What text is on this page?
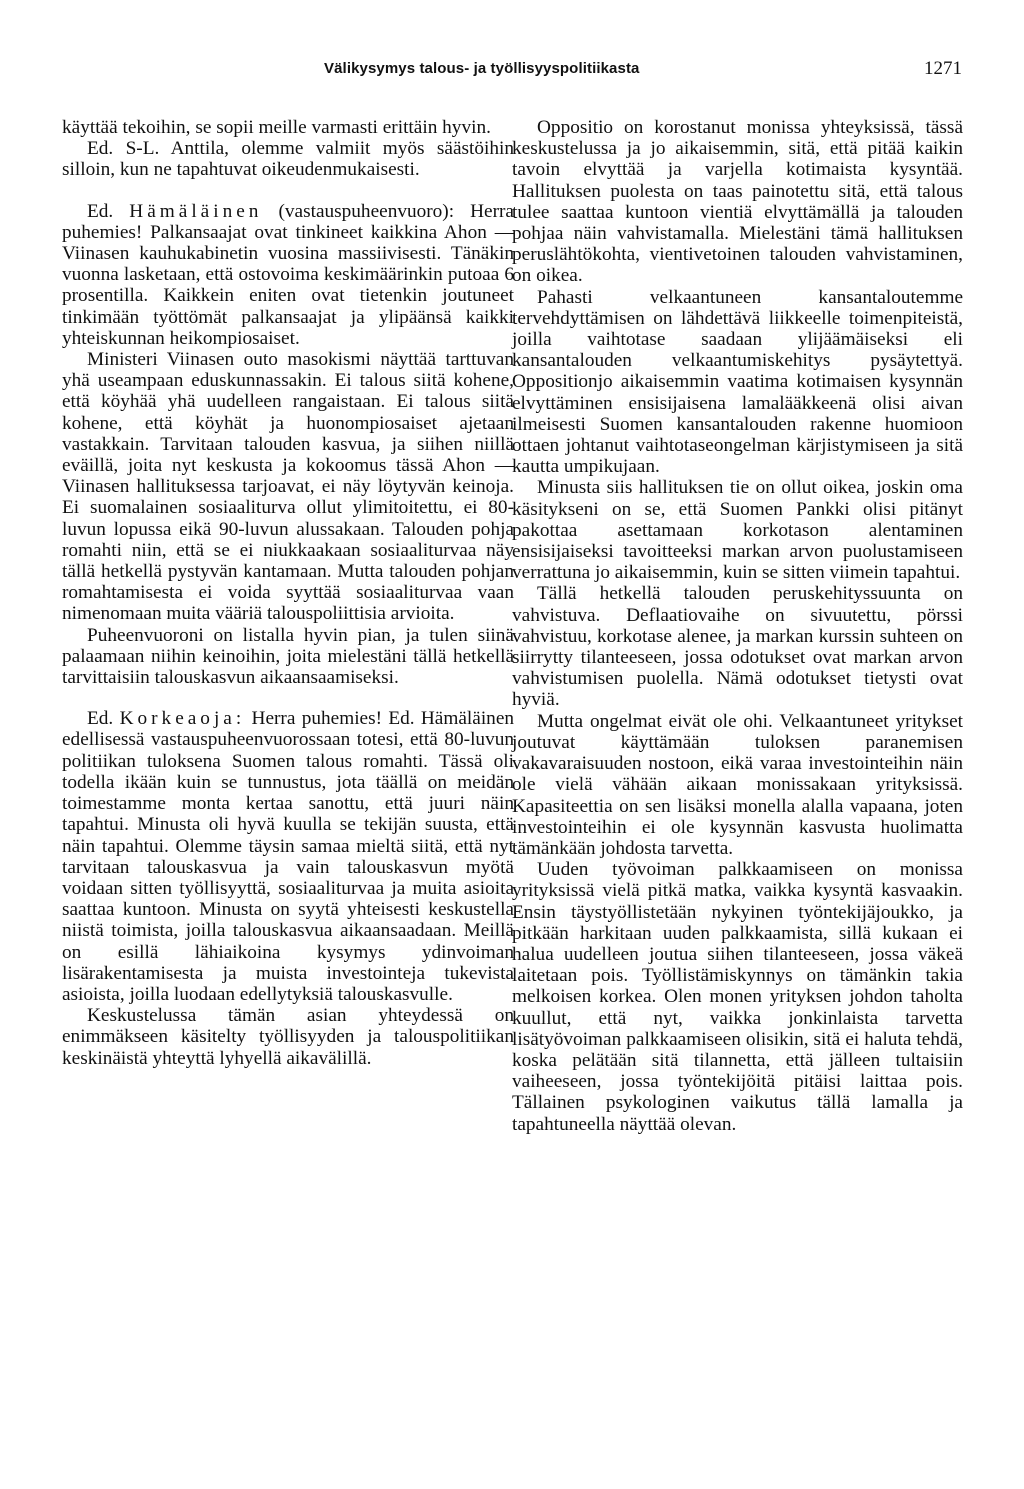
Välikysymys talous- ja työllisyyspolitiikasta	1271

käyttää tekoihin, se sopii meille varmasti erittäin hyvin.

Ed. S-L. Anttila, olemme valmiit myös säästöihin silloin, kun ne tapahtuvat oikeudenmukaisesti.

Ed. Hämäläinen (vastauspuheenvuoro): Herra puhemies! Palkansaajat ovat tinkineet kaikkina Ahon — Viinasen kauhukabinetin vuosina massiivisesti. Tänäkin vuonna lasketaan, että ostovoima keskimäärinkin putoaa 6 prosentilla. Kaikkein eniten ovat tietenkin joutuneet tinkimään työttömät palkansaajat ja ylipäänsä kaikki yhteiskunnan heikompiosaiset.

Ministeri Viinasen outo masokismi näyttää tarttuvan yhä useampaan eduskunnassakin. Ei talous siitä kohene, että köyhää yhä uudelleen rangaistaan. Ei talous siitä kohene, että köyhät ja huonompiosaiset ajetaan vastakkain. Tarvitaan talouden kasvua, ja siihen niillä eväillä, joita nyt keskusta ja kokoomus tässä Ahon — Viinasen hallituksessa tarjoavat, ei näy löytyvän keinoja. Ei suomalainen sosiaaliturva ollut ylimitoitettu, ei 80-luvun lopussa eikä 90-luvun alussakaan. Talouden pohja romahti niin, että se ei niukkaakaan sosiaaliturvaa näy tällä hetkellä pystyvän kantamaan. Mutta talouden pohjan romahtamisesta ei voida syyttää sosiaaliturvaa vaan nimenomaan muita vääriä talouspoliittisia arvioita.

Puheenvuoroni on listalla hyvin pian, ja tulen siinä palaamaan niihin keinoihin, joita mielestäni tällä hetkellä tarvittaisiin talouskasvun aikaansaamiseksi.

Ed. Korkeaoja: Herra puhemies! Ed. Hämäläinen edellisessä vastauspuheenvuorossaan totesi, että 80-luvun politiikan tuloksena Suomen talous romahti. Tässä oli todella ikään kuin se tunnustus, jota täällä on meidän toimestamme monta kertaa sanottu, että juuri näin tapahtui. Minusta oli hyvä kuulla se tekijän suusta, että näin tapahtui. Olemme täysin samaa mieltä siitä, että nyt tarvitaan talouskasvua ja vain talouskasvun myötä voidaan sitten työllisyyttä, sosiaaliturvaa ja muita asioita saattaa kuntoon. Minusta on syytä yhteisesti keskustella niistä toimista, joilla talouskasvua aikaansaadaan. Meillä on esillä lähiaikoina kysymys ydinvoiman lisärakentamisesta ja muista investointeja tukevista asioista, joilla luodaan edellytyksiä talouskasvulle.

Keskustelussa tämän asian yhteydessä on enimmäkseen käsitelty työllisyyden ja talouspolitiikan keskinäistä yhteyttä lyhyellä aikavälillä.

Oppositio on korostanut monissa yhteyksissä, tässä keskustelussa ja jo aikaisemmin, sitä, että pitää kaikin tavoin elvyttää ja varjella kotimaista kysyntää. Hallituksen puolesta on taas painotettu sitä, että talous tulee saattaa kuntoon vientiä elvyttämällä ja talouden pohjaa näin vahvistamalla. Mielestäni tämä hallituksen peruslähtökohta, vientivetoinen talouden vahvistaminen, on oikea.

Pahasti velkaantuneen kansantaloutemme tervehdyttämisen on lähdettävä liikkeelle toimenpiteistä, joilla vaihtotase saadaan ylijäämäiseksi eli kansantalouden velkaantumiskehitys pysäytettyä. Oppositionjo aikaisemmin vaatima kotimaisen kysynnän elvyttäminen ensisijaisena lamalääkkeenä olisi aivan ilmeisesti Suomen kansantalouden rakenne huomioon ottaen johtanut vaihtotaseongelman kärjistymiseen ja sitä kautta umpikujaan.

Minusta siis hallituksen tie on ollut oikea, joskin oma käsitykseni on se, että Suomen Pankki olisi pitänyt pakottaa asettamaan korkotason alentaminen ensisijaiseksi tavoitteeksi markan arvon puolustamiseen verrattuna jo aikaisemmin, kuin se sitten viimein tapahtui.

Tällä hetkellä talouden peruskehityssuunta on vahvistuva. Deflaatiovaihe on sivuutettu, pörssi vahvistuu, korkotase alenee, ja markan kurssin suhteen on siirrytty tilanteeseen, jossa odotukset ovat markan arvon vahvistumisen puolella. Nämä odotukset tietysti ovat hyviä.

Mutta ongelmat eivät ole ohi. Velkaantuneet yritykset joutuvat käyttämään tuloksen paranemisen vakavaraisuuden nostoon, eikä varaa investointeihin näin ole vielä vähään aikaan monissakaan yrityksissä. Kapasiteettia on sen lisäksi monella alalla vapaana, joten investointeihin ei ole kysynnän kasvusta huolimatta tämänkään johdosta tarvetta.

Uuden työvoiman palkkaamiseen on monissa yrityksissä vielä pitkä matka, vaikka kysyntä kasvaakin. Ensin täystyöllistetään nykyinen työntekijäjoukko, ja pitkään harkitaan uuden palkkaamista, sillä kukaan ei halua uudelleen joutua siihen tilanteeseen, jossa väkeä laitetaan pois. Työllistämiskynnys on tämänkin takia melkoisen korkea. Olen monen yrityksen johdon taholta kuullut, että nyt, vaikka jonkinlaista tarvetta lisätyövoiman palkkaamiseen olisikin, sitä ei haluta tehdä, koska pelätään sitä tilannetta, että jälleen tultaisiin vaiheeseen, jossa työntekijöitä pitäisi laittaa pois. Tällainen psykologinen vaikutus tällä lamalla ja tapahtuneella näyttää olevan.
